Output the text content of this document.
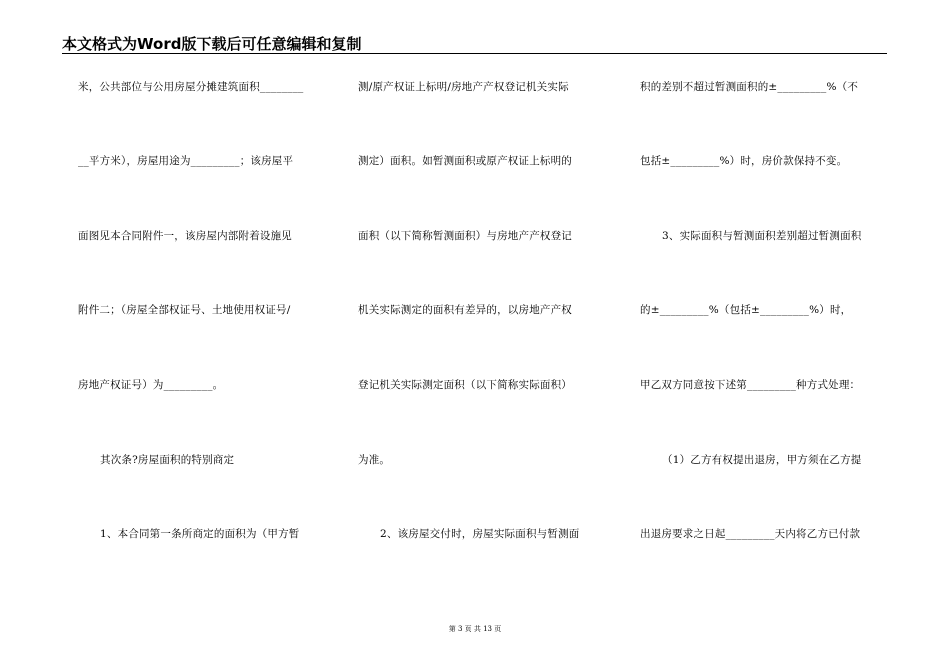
本文格式为Word版下载后可任意编辑和复制
米，公共部位与公用房屋分摊建筑面积________
__平方米），房屋用途为_________；该房屋平
面图见本合同附件一，该房屋内部附着设施见
附件二；（房屋全部权证号、土地使用权证号/
房地产权证号）为_________。
其次条?房屋面积的特别商定
1、本合同第一条所商定的面积为（甲方暂
测/原产权证上标明/房地产产权登记机关实际
测定）面积。如暂测面积或原产权证上标明的
面积（以下简称暂测面积）与房地产产权登记
机关实际测定的面积有差异的，以房地产产权
登记机关实际测定面积（以下简称实际面积）
为准。
2、该房屋交付时，房屋实际面积与暂测面
积的差别不超过暂测面积的±_________%（不
包括±_________%）时，房价款保持不变。
3、实际面积与暂测面积差别超过暂测面积
的±_________%（包括±_________%）时，
甲乙双方同意按下述第_________种方式处理：
（1）乙方有权提出退房，甲方须在乙方提
出退房要求之日起_________天内将乙方已付款
第 3 页 共 13 页
